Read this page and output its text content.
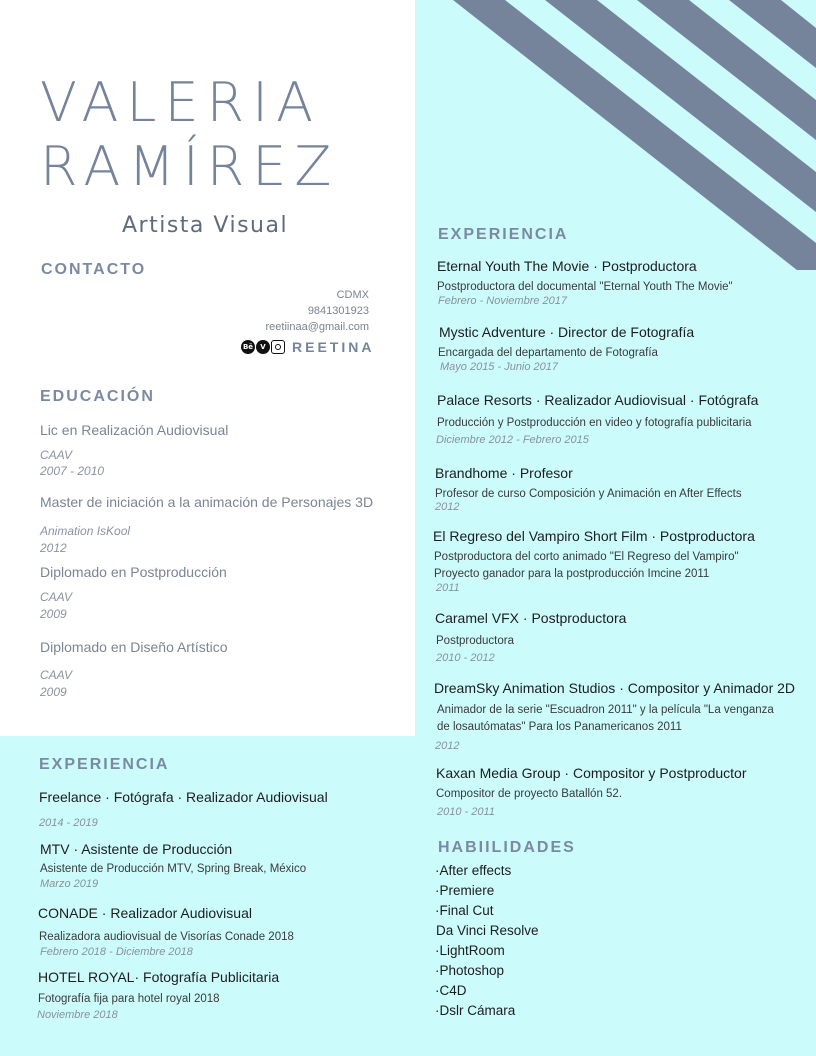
VALERIA
RAMÍREZ
Artista Visual
CONTACTO
CDMX
9841301923
reetiinaa@gmail.com
Bē	V	REETINA
EDUCACIÓN
Lic en Realización Audiovisual
CAAV
2007 - 2010
Master de iniciación a la animación de Personajes 3D
Animation IsKool
2012
Diplomado en Postproducción
CAAV
2009
Diplomado en Diseño Artístico
CAAV
2009
EXPERIENCIA
Freelance · Fotógrafa · Realizador Audiovisual
2014 - 2019
MTV · Asistente de Producción
Asistente de Producción MTV, Spring Break, México
Marzo 2019
CONADE · Realizador Audiovisual
Realizadora audiovisual de Visorías Conade 2018
Febrero 2018 - Diciembre 2018
HOTEL ROYAL· Fotografía Publicitaria
Fotografía fija para hotel royal 2018
Noviembre 2018
EXPERIENCIA
Eternal Youth The Movie · Postproductora
Postproductora del documental "Eternal Youth The Movie"
Febrero - Noviembre 2017
Mystic Adventure · Director de Fotografía
Encargada del departamento de Fotografía
Mayo 2015 - Junio 2017
Palace Resorts · Realizador Audiovisual · Fotógrafa
Producción y Postproducción en video y fotografía publicitaria
Diciembre 2012 - Febrero 2015
Brandhome · Profesor
Profesor de curso Composición y Animación en After Effects
2012
El Regreso del Vampiro Short Film · Postproductora
Postproductora del corto animado "El Regreso del Vampiro"
Proyecto ganador para la postproducción Imcine 2011
2011
Caramel VFX · Postproductora
Postproductora
2010 - 2012
DreamSky Animation Studios · Compositor y Animador 2D
Animador de la serie "Escuadron 2011" y la película "La venganza
de losautómatas" Para los Panamericanos 2011
2012
Kaxan Media Group · Compositor y Postproductor
Compositor de proyecto Batallón 52.
2010 - 2011
HABIILIDADES
·After effects
·Premiere
·Final Cut
Da Vinci Resolve
·LightRoom
·Photoshop
·C4D
·Dslr Cámara
